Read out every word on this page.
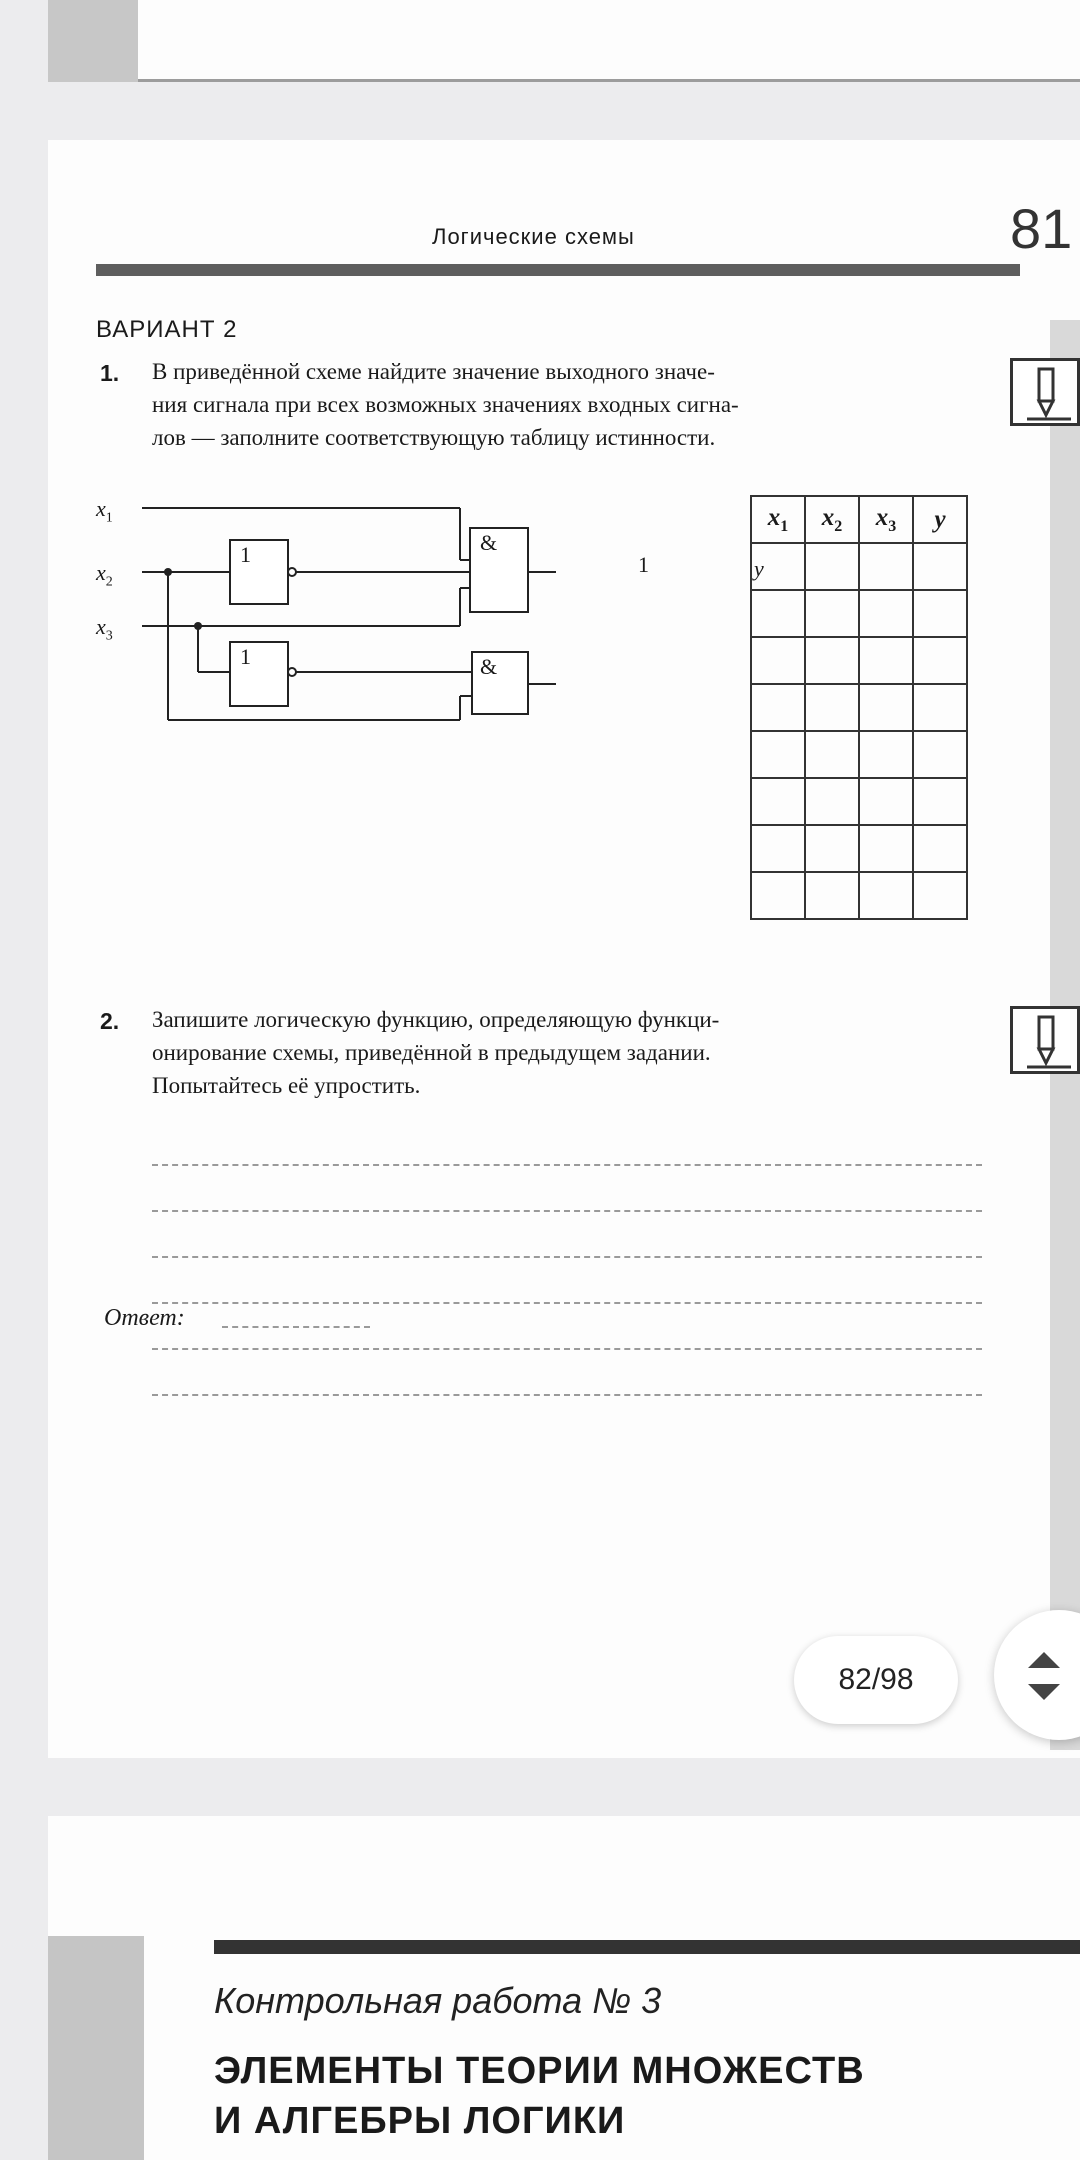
Логические схемы	81
ВАРИАНТ 2
1. В приведённой схеме найдите значение выходного значе-
ния сигнала при всех возможных значениях входных сигна-
лов — заполните соответствующую таблицу истинности.
$x_1$
$x_2$
$x_3$
1
1
&
&
1	y
$x_1$	$x_2$	$x_3$	y

2. Запишите логическую функцию, определяющую функци-
онирование схемы, приведённой в предыдущем задании.
Попытайтесь её упростить.
Ответ:
82/98
Контрольная работа № 3
ЭЛЕМЕНТЫ ТЕОРИИ МНОЖЕСТВ
И АЛГЕБРЫ ЛОГИКИ
